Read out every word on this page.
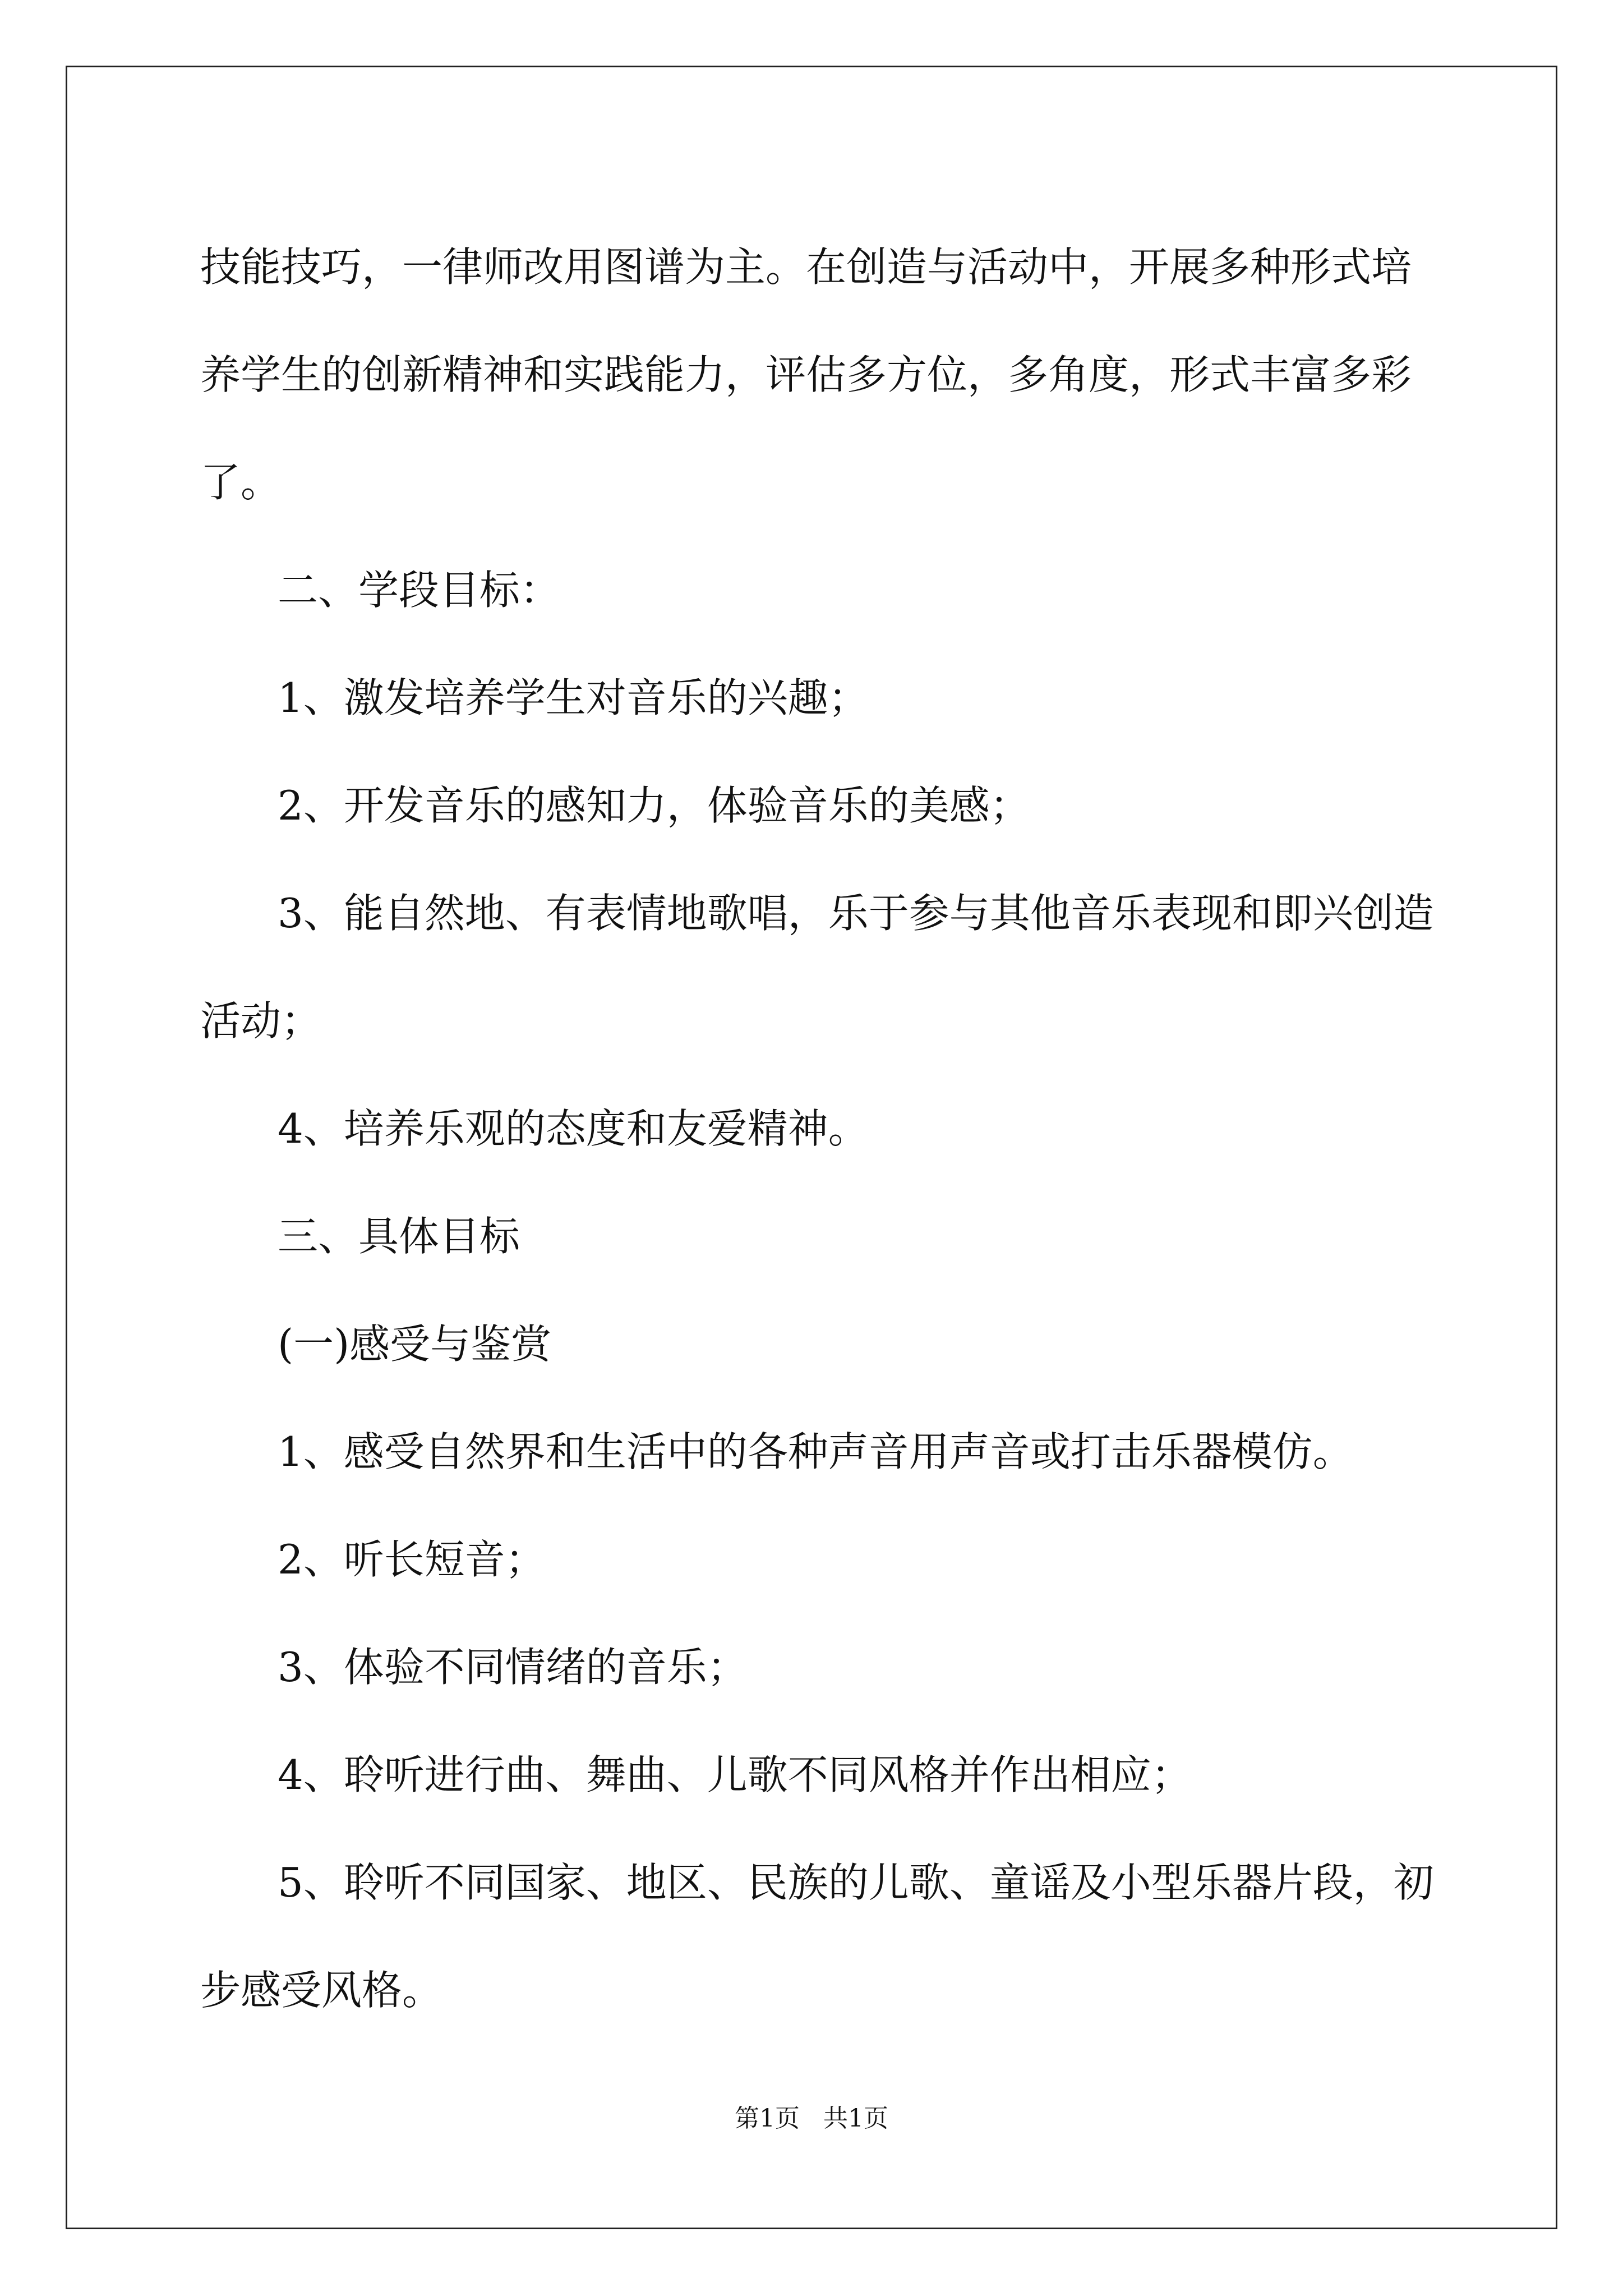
技能技巧，一律师改用图谱为主。在创造与活动中，开展多种形式培

养学生的创新精神和实践能力，评估多方位，多角度，形式丰富多彩

了。

二、学段目标：

1、激发培养学生对音乐的兴趣；

2、开发音乐的感知力，体验音乐的美感；

3、能自然地、有表情地歌唱，乐于参与其他音乐表现和即兴创造

活动；

4、培养乐观的态度和友爱精神。

三、具体目标

(一)感受与鉴赏

1、感受自然界和生活中的各种声音用声音或打击乐器模仿。

2、听长短音；

3、体验不同情绪的音乐；

4、聆听进行曲、舞曲、儿歌不同风格并作出相应；

5、聆听不同国家、地区、民族的儿歌、童谣及小型乐器片段，初

步感受风格。

第1页   共1页
